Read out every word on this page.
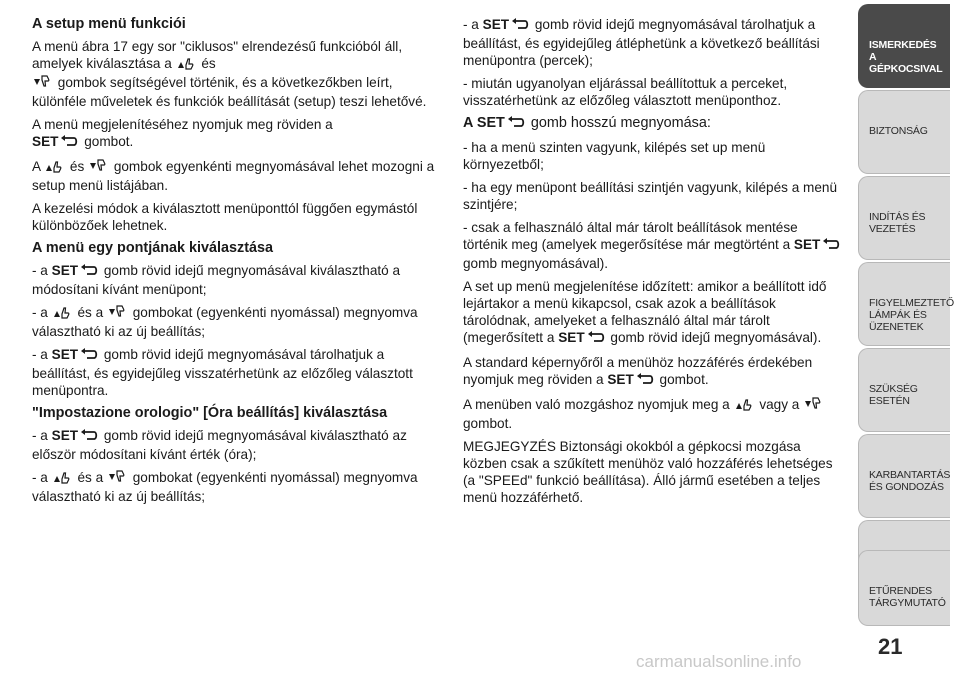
A setup menü funkciói

A menü ábra 17 egy sor "ciklusos" elrendezésű funkcióból áll, amelyek kiválasztása a és
gombok segítségével történik, és a következőkben leírt, különféle műveletek és funkciók beállítását (setup) teszi lehetővé.

A menü megjelenítéséhez nyomjuk meg röviden a
SET gombot.

A és gombok egyenkénti megnyomásával lehet mozogni a setup menü listájában.

A kezelési módok a kiválasztott menüponttól függően egymástól különbözőek lehetnek.

A menü egy pontjának kiválasztása

- a SET gomb rövid idejű megnyomásával kiválasztható a módosítani kívánt menüpont;

- a és a gombokat (egyenkénti nyomással) megnyomva választható ki az új beállítás;

- a SET gomb rövid idejű megnyomásával tárolhatjuk a beállítást, és egyidejűleg visszatérhetünk az előzőleg választott menüpontra.

"Impostazione orologio" [Óra beállítás] kiválasztása

- a SET gomb rövid idejű megnyomásával kiválasztható az először módosítani kívánt érték (óra);

- a és a gombokat (egyenkénti nyomással) megnyomva választható ki az új beállítás;

- a SET gomb rövid idejű megnyomásával tárolhatjuk a beállítást, és egyidejűleg átléphetünk a következő beállítási menüpontra (percek);

- miután ugyanolyan eljárással beállítottuk a perceket, visszatérhetünk az előzőleg választott menüponthoz.

A SET gomb hosszú megnyomása:

- ha a menü szinten vagyunk, kilépés set up menü környezetből;

- ha egy menüpont beállítási szintjén vagyunk, kilépés a menü szintjére;

- csak a felhasználó által már tárolt beállítások mentése történik meg (amelyek megerősítése már megtörtént a SET gomb megnyomásával).

A set up menü megjelenítése időzített: amikor a beállított idő lejártakor a menü kikapcsol, csak azok a beállítások tárolódnak, amelyeket a felhasználó által már tárolt (megerősített a SET gomb rövid idejű megnyomásával).

A standard képernyőről a menühöz hozzáférés érdekében nyomjuk meg röviden a SET gombot.

A menüben való mozgáshoz nyomjuk meg a vagy a  gombot.

MEGJEGYZÉS Biztonsági okokból a gépkocsi mozgása közben csak a szűkített menühöz való hozzáférés lehetséges (a "SPEEd" funkció beállítása). Álló jármű esetében a teljes menü hozzáférhető.

ISMERKEDÉS A GÉPKOCSIVAL
BIZTONSÁG
INDÍTÁS ÉS VEZETÉS
FIGYELMEZTETŐ LÁMPÁK ÉS ÜZENETEK
SZÜKSÉG ESETÉN
KARBANTARTÁS ÉS GONDOZÁS
ETŰRENDES TÁRGYMUTATÓ
21
carmanualsonline.info
